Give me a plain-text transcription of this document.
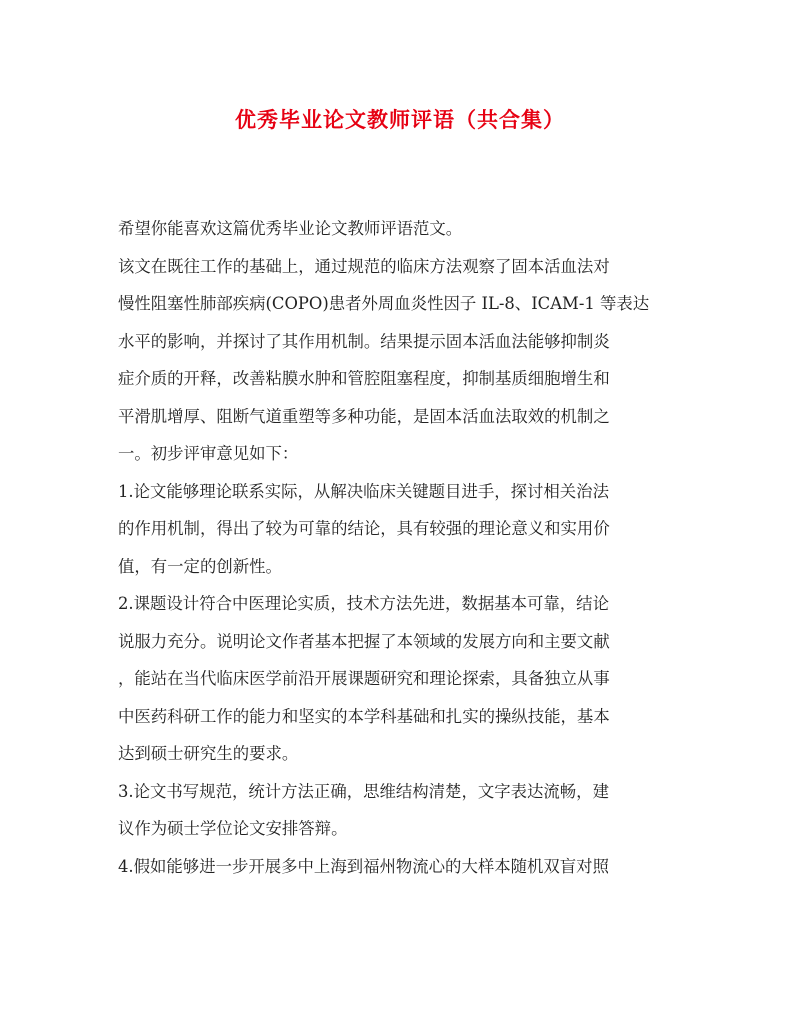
优秀毕业论文教师评语（共合集）

希望你能喜欢这篇优秀毕业论文教师评语范文。

该文在既往工作的基础上，通过规范的临床方法观察了固本活血法对
慢性阻塞性肺部疾病(COPO)患者外周血炎性因子 IL-8、ICAM-1 等表达
水平的影响，并探讨了其作用机制。结果提示固本活血法能够抑制炎
症介质的开释，改善粘膜水肿和管腔阻塞程度，抑制基质细胞增生和
平滑肌增厚、阻断气道重塑等多种功能，是固本活血法取效的机制之
一。初步评审意见如下：

1.论文能够理论联系实际，从解决临床关键题目进手，探讨相关治法
的作用机制，得出了较为可靠的结论，具有较强的理论意义和实用价
值，有一定的创新性。

2.课题设计符合中医理论实质，技术方法先进，数据基本可靠，结论
说服力充分。说明论文作者基本把握了本领域的发展方向和主要文献
，能站在当代临床医学前沿开展课题研究和理论探索，具备独立从事
中医药科研工作的能力和坚实的本学科基础和扎实的操纵技能，基本
达到硕士研究生的要求。

3.论文书写规范，统计方法正确，思维结构清楚，文字表达流畅，建
议作为硕士学位论文安排答辩。

4.假如能够进一步开展多中上海到福州物流心的大样本随机双盲对照
